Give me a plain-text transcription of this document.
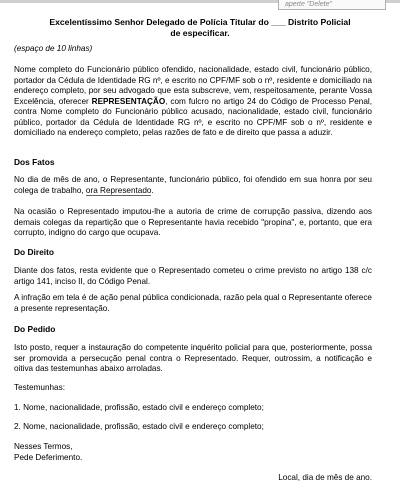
aperte "Delete"
Excelentíssimo Senhor Delegado de Polícia Titular do ___ Distrito Policial
de especificar.
(espaço de 10 linhas)
Nome completo do Funcionário público ofendido, nacionalidade, estado civil, funcionário público, portador da Cédula de Identidade RG nº, e escrito no CPF/MF sob o nº, residente e domiciliado na endereço completo, por seu advogado que esta subscreve, vem, respeitosamente, perante Vossa Excelência, oferecer REPRESENTAÇÃO, com fulcro no artigo 24 do Código de Processo Penal, contra Nome completo do Funcionário público acusado, nacionalidade, estado civil, funcionário público, portador da Cédula de Identidade RG nº, e escrito no CPF/MF sob o nº, residente e domiciliado na endereço completo, pelas razões de fato e de direito que passa a aduzir.
Dos Fatos
No dia de mês de ano, o Representante, funcionário público, foi ofendido em sua honra por seu colega de trabalho, ora Representado.
Na ocasião o Representado imputou-lhe a autoria de crime de corrupção passiva, dizendo aos demais colegas da repartição que o Representante havia recebido "propina", e, portanto, que era corrupto, indigno do cargo que ocupava.
Do Direito
Diante dos fatos, resta evidente que o Representado cometeu o crime previsto no artigo 138 c/c artigo 141, inciso II, do Código Penal.
A infração em tela é de ação penal pública condicionada, razão pela qual o Representante oferece a presente representação.
Do Pedido
Isto posto, requer a instauração do competente inquérito policial para que, posteriormente, possa ser promovida a persecução penal contra o Representado. Requer, outrossim, a notificação e oitiva das testemunhas abaixo arroladas.
Testemunhas:
1. Nome, nacionalidade, profissão, estado civil e endereço completo;
2. Nome, nacionalidade, profissão, estado civil e endereço completo;
Nesses Termos,
Pede Deferimento.
Local, dia de mês de ano.
